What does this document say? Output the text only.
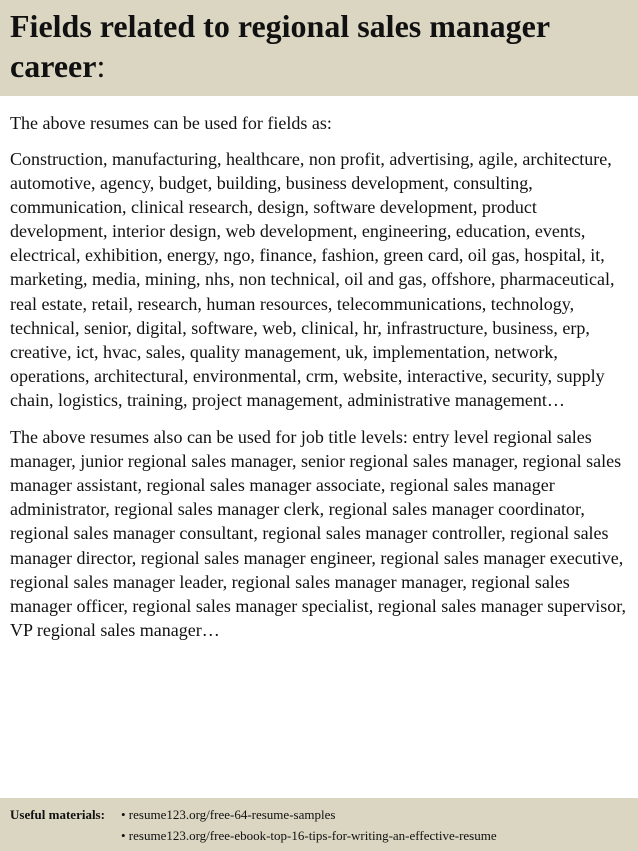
Fields related to regional sales manager career:

The above resumes can be used for fields as:

Construction, manufacturing, healthcare, non profit, advertising, agile, architecture, automotive, agency, budget, building, business development, consulting, communication, clinical research, design, software development, product development, interior design, web development, engineering, education, events, electrical, exhibition, energy, ngo, finance, fashion, green card, oil gas, hospital, it, marketing, media, mining, nhs, non technical, oil and gas, offshore, pharmaceutical, real estate, retail, research, human resources, telecommunications, technology, technical, senior, digital, software, web, clinical, hr, infrastructure, business, erp, creative, ict, hvac, sales, quality management, uk, implementation, network, operations, architectural, environmental, crm, website, interactive, security, supply chain, logistics, training, project management, administrative management…

The above resumes also can be used for job title levels: entry level regional sales manager, junior regional sales manager, senior regional sales manager, regional sales manager assistant, regional sales manager associate, regional sales manager administrator, regional sales manager clerk, regional sales manager coordinator, regional sales manager consultant, regional sales manager controller, regional sales manager director, regional sales manager engineer, regional sales manager executive, regional sales manager leader, regional sales manager manager, regional sales manager officer, regional sales manager specialist, regional sales manager supervisor, VP regional sales manager…

Useful materials: • resume123.org/free-64-resume-samples
• resume123.org/free-ebook-top-16-tips-for-writing-an-effective-resume
